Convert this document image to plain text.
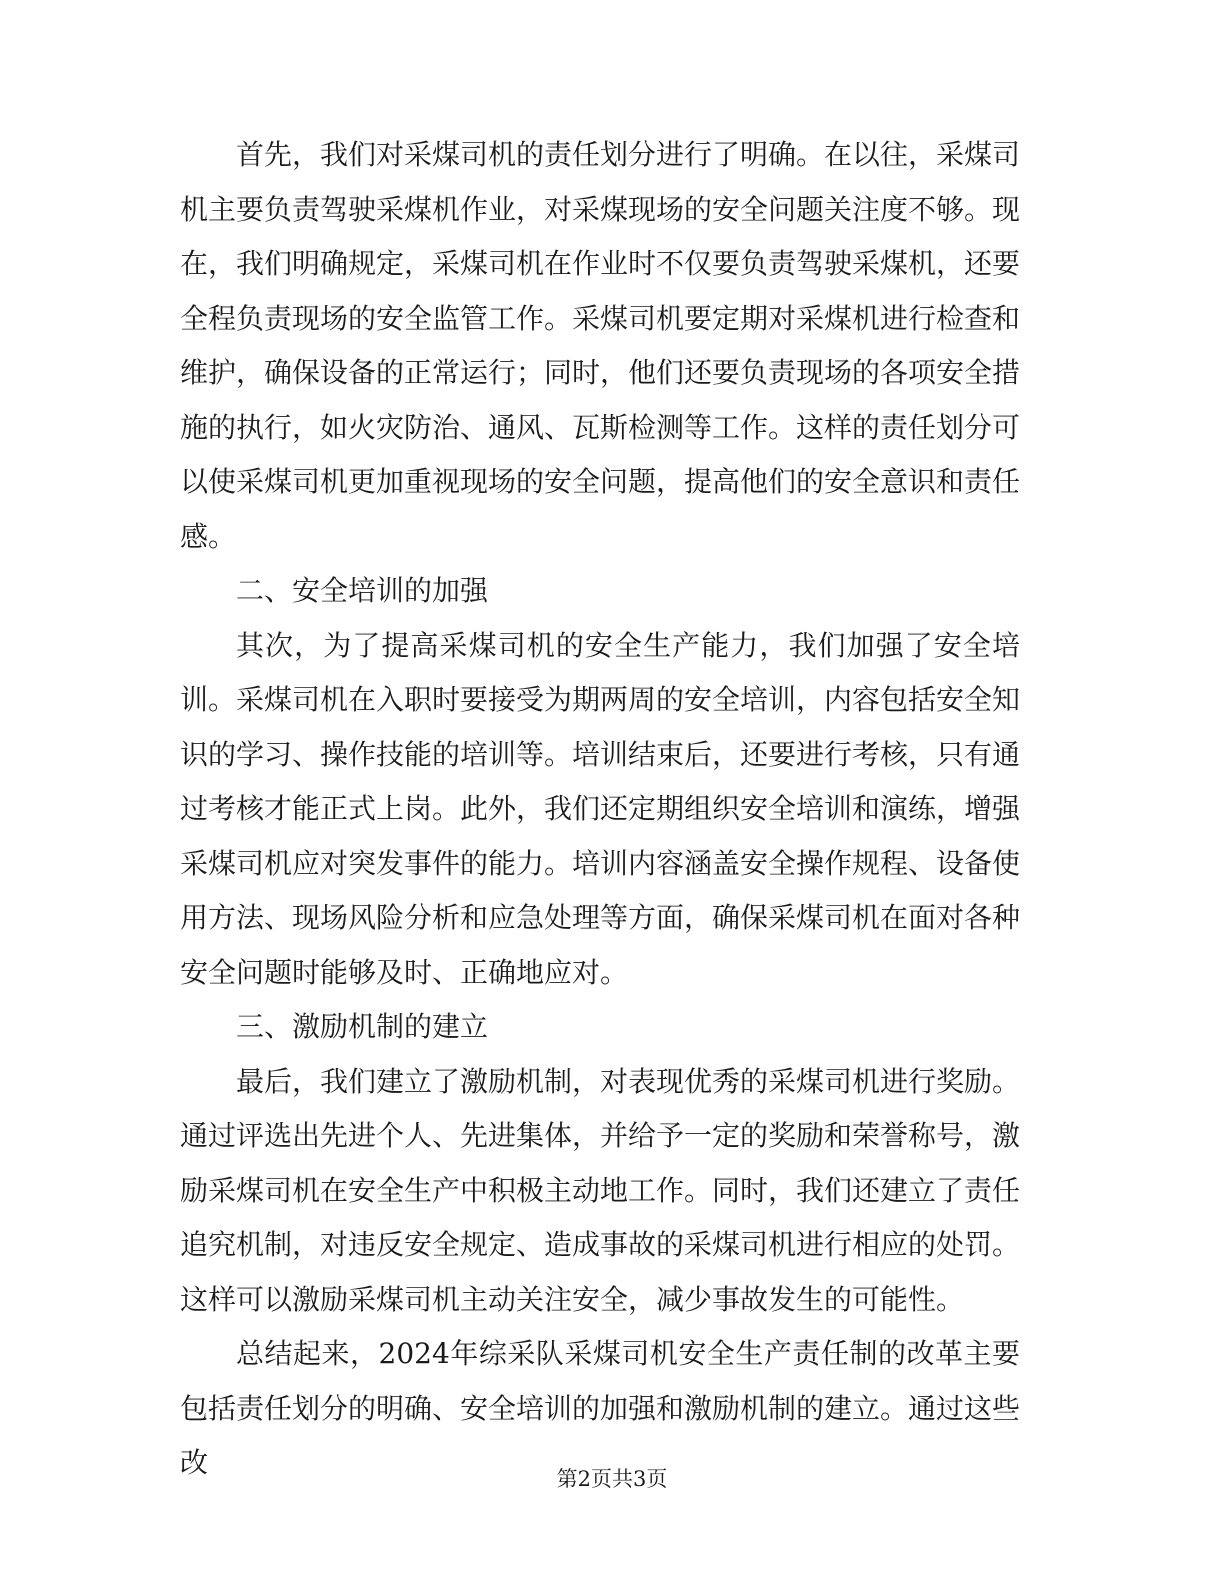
首先，我们对采煤司机的责任划分进行了明确。在以往，采煤司机主要负责驾驶采煤机作业，对采煤现场的安全问题关注度不够。现在，我们明确规定，采煤司机在作业时不仅要负责驾驶采煤机，还要全程负责现场的安全监管工作。采煤司机要定期对采煤机进行检查和维护，确保设备的正常运行；同时，他们还要负责现场的各项安全措施的执行，如火灾防治、通风、瓦斯检测等工作。这样的责任划分可以使采煤司机更加重视现场的安全问题，提高他们的安全意识和责任感。

二、安全培训的加强

其次，为了提高采煤司机的安全生产能力，我们加强了安全培训。采煤司机在入职时要接受为期两周的安全培训，内容包括安全知识的学习、操作技能的培训等。培训结束后，还要进行考核，只有通过考核才能正式上岗。此外，我们还定期组织安全培训和演练，增强采煤司机应对突发事件的能力。培训内容涵盖安全操作规程、设备使用方法、现场风险分析和应急处理等方面，确保采煤司机在面对各种安全问题时能够及时、正确地应对。

三、激励机制的建立

最后，我们建立了激励机制，对表现优秀的采煤司机进行奖励。通过评选出先进个人、先进集体，并给予一定的奖励和荣誉称号，激励采煤司机在安全生产中积极主动地工作。同时，我们还建立了责任追究机制，对违反安全规定、造成事故的采煤司机进行相应的处罚。这样可以激励采煤司机主动关注安全，减少事故发生的可能性。

总结起来，2024年综采队采煤司机安全生产责任制的改革主要包括责任划分的明确、安全培训的加强和激励机制的建立。通过这些改	第2页共3页
